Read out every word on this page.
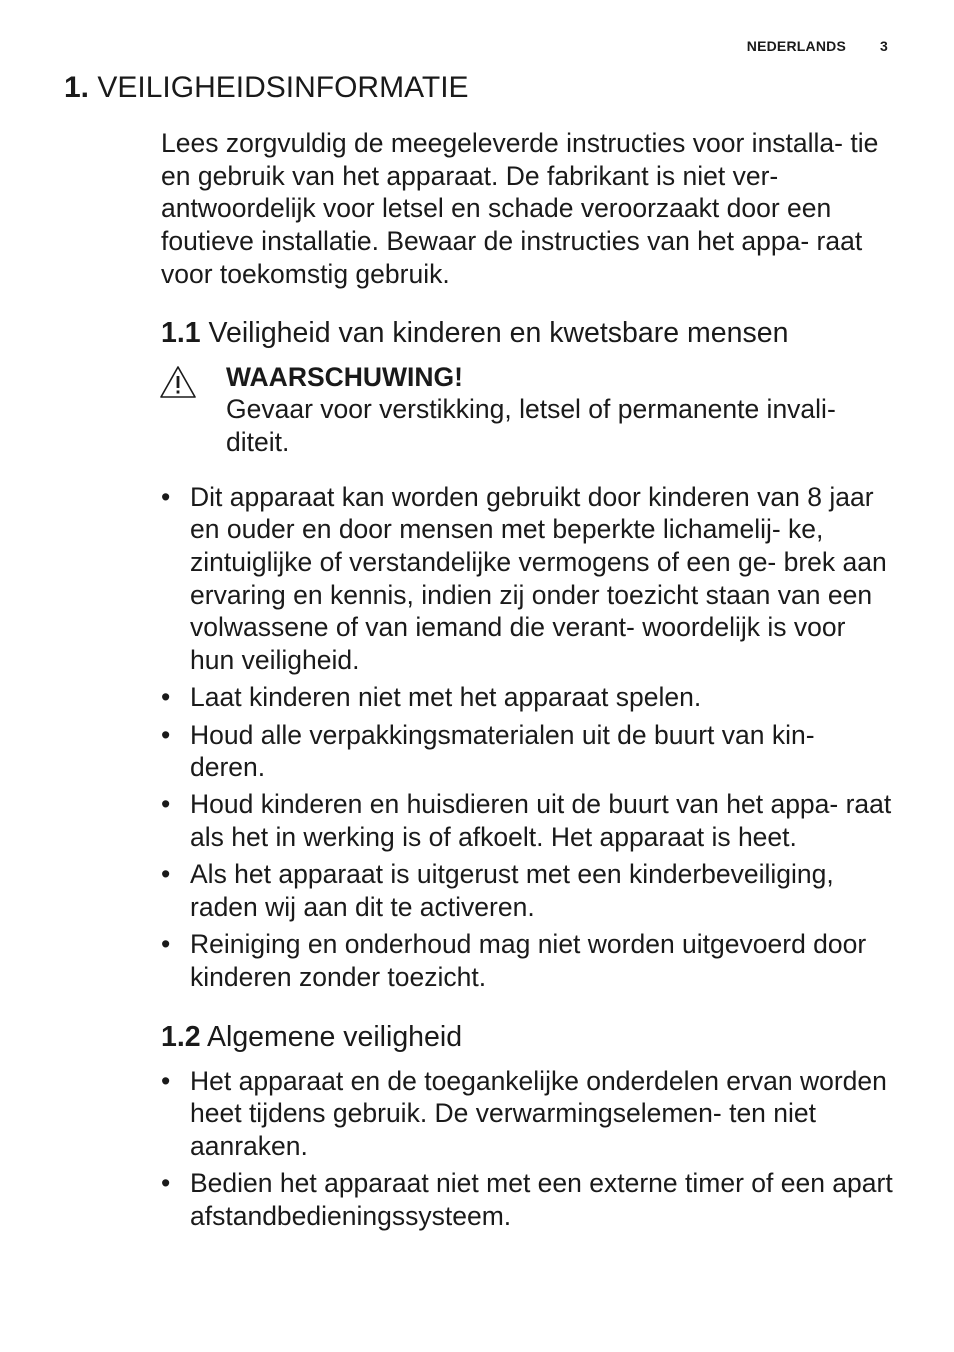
NEDERLANDS 3
1. VEILIGHEIDSINFORMATIE

Lees zorgvuldig de meegeleverde instructies voor installa- tie en gebruik van het apparaat. De fabrikant is niet ver- antwoordelijk voor letsel en schade veroorzaakt door een foutieve installatie. Bewaar de instructies van het appa- raat voor toekomstig gebruik.

1.1 Veiligheid van kinderen en kwetsbare mensen
WAARSCHUWING!
Gevaar voor verstikking, letsel of permanente invali- diteit.
• Dit apparaat kan worden gebruikt door kinderen van 8 jaar en ouder en door mensen met beperkte lichamelij- ke, zintuiglijke of verstandelijke vermogens of een ge- brek aan ervaring en kennis, indien zij onder toezicht staan van een volwassene of van iemand die verant- woordelijk is voor hun veiligheid.
• Laat kinderen niet met het apparaat spelen.
• Houd alle verpakkingsmaterialen uit de buurt van kin- deren.
• Houd kinderen en huisdieren uit de buurt van het appa- raat als het in werking is of afkoelt. Het apparaat is heet.
• Als het apparaat is uitgerust met een kinderbeveiliging, raden wij aan dit te activeren.
• Reiniging en onderhoud mag niet worden uitgevoerd door kinderen zonder toezicht.
1.2 Algemene veiligheid
• Het apparaat en de toegankelijke onderdelen ervan worden heet tijdens gebruik. De verwarmingselemen- ten niet aanraken.
• Bedien het apparaat niet met een externe timer of een apart afstandbedieningssysteem.
